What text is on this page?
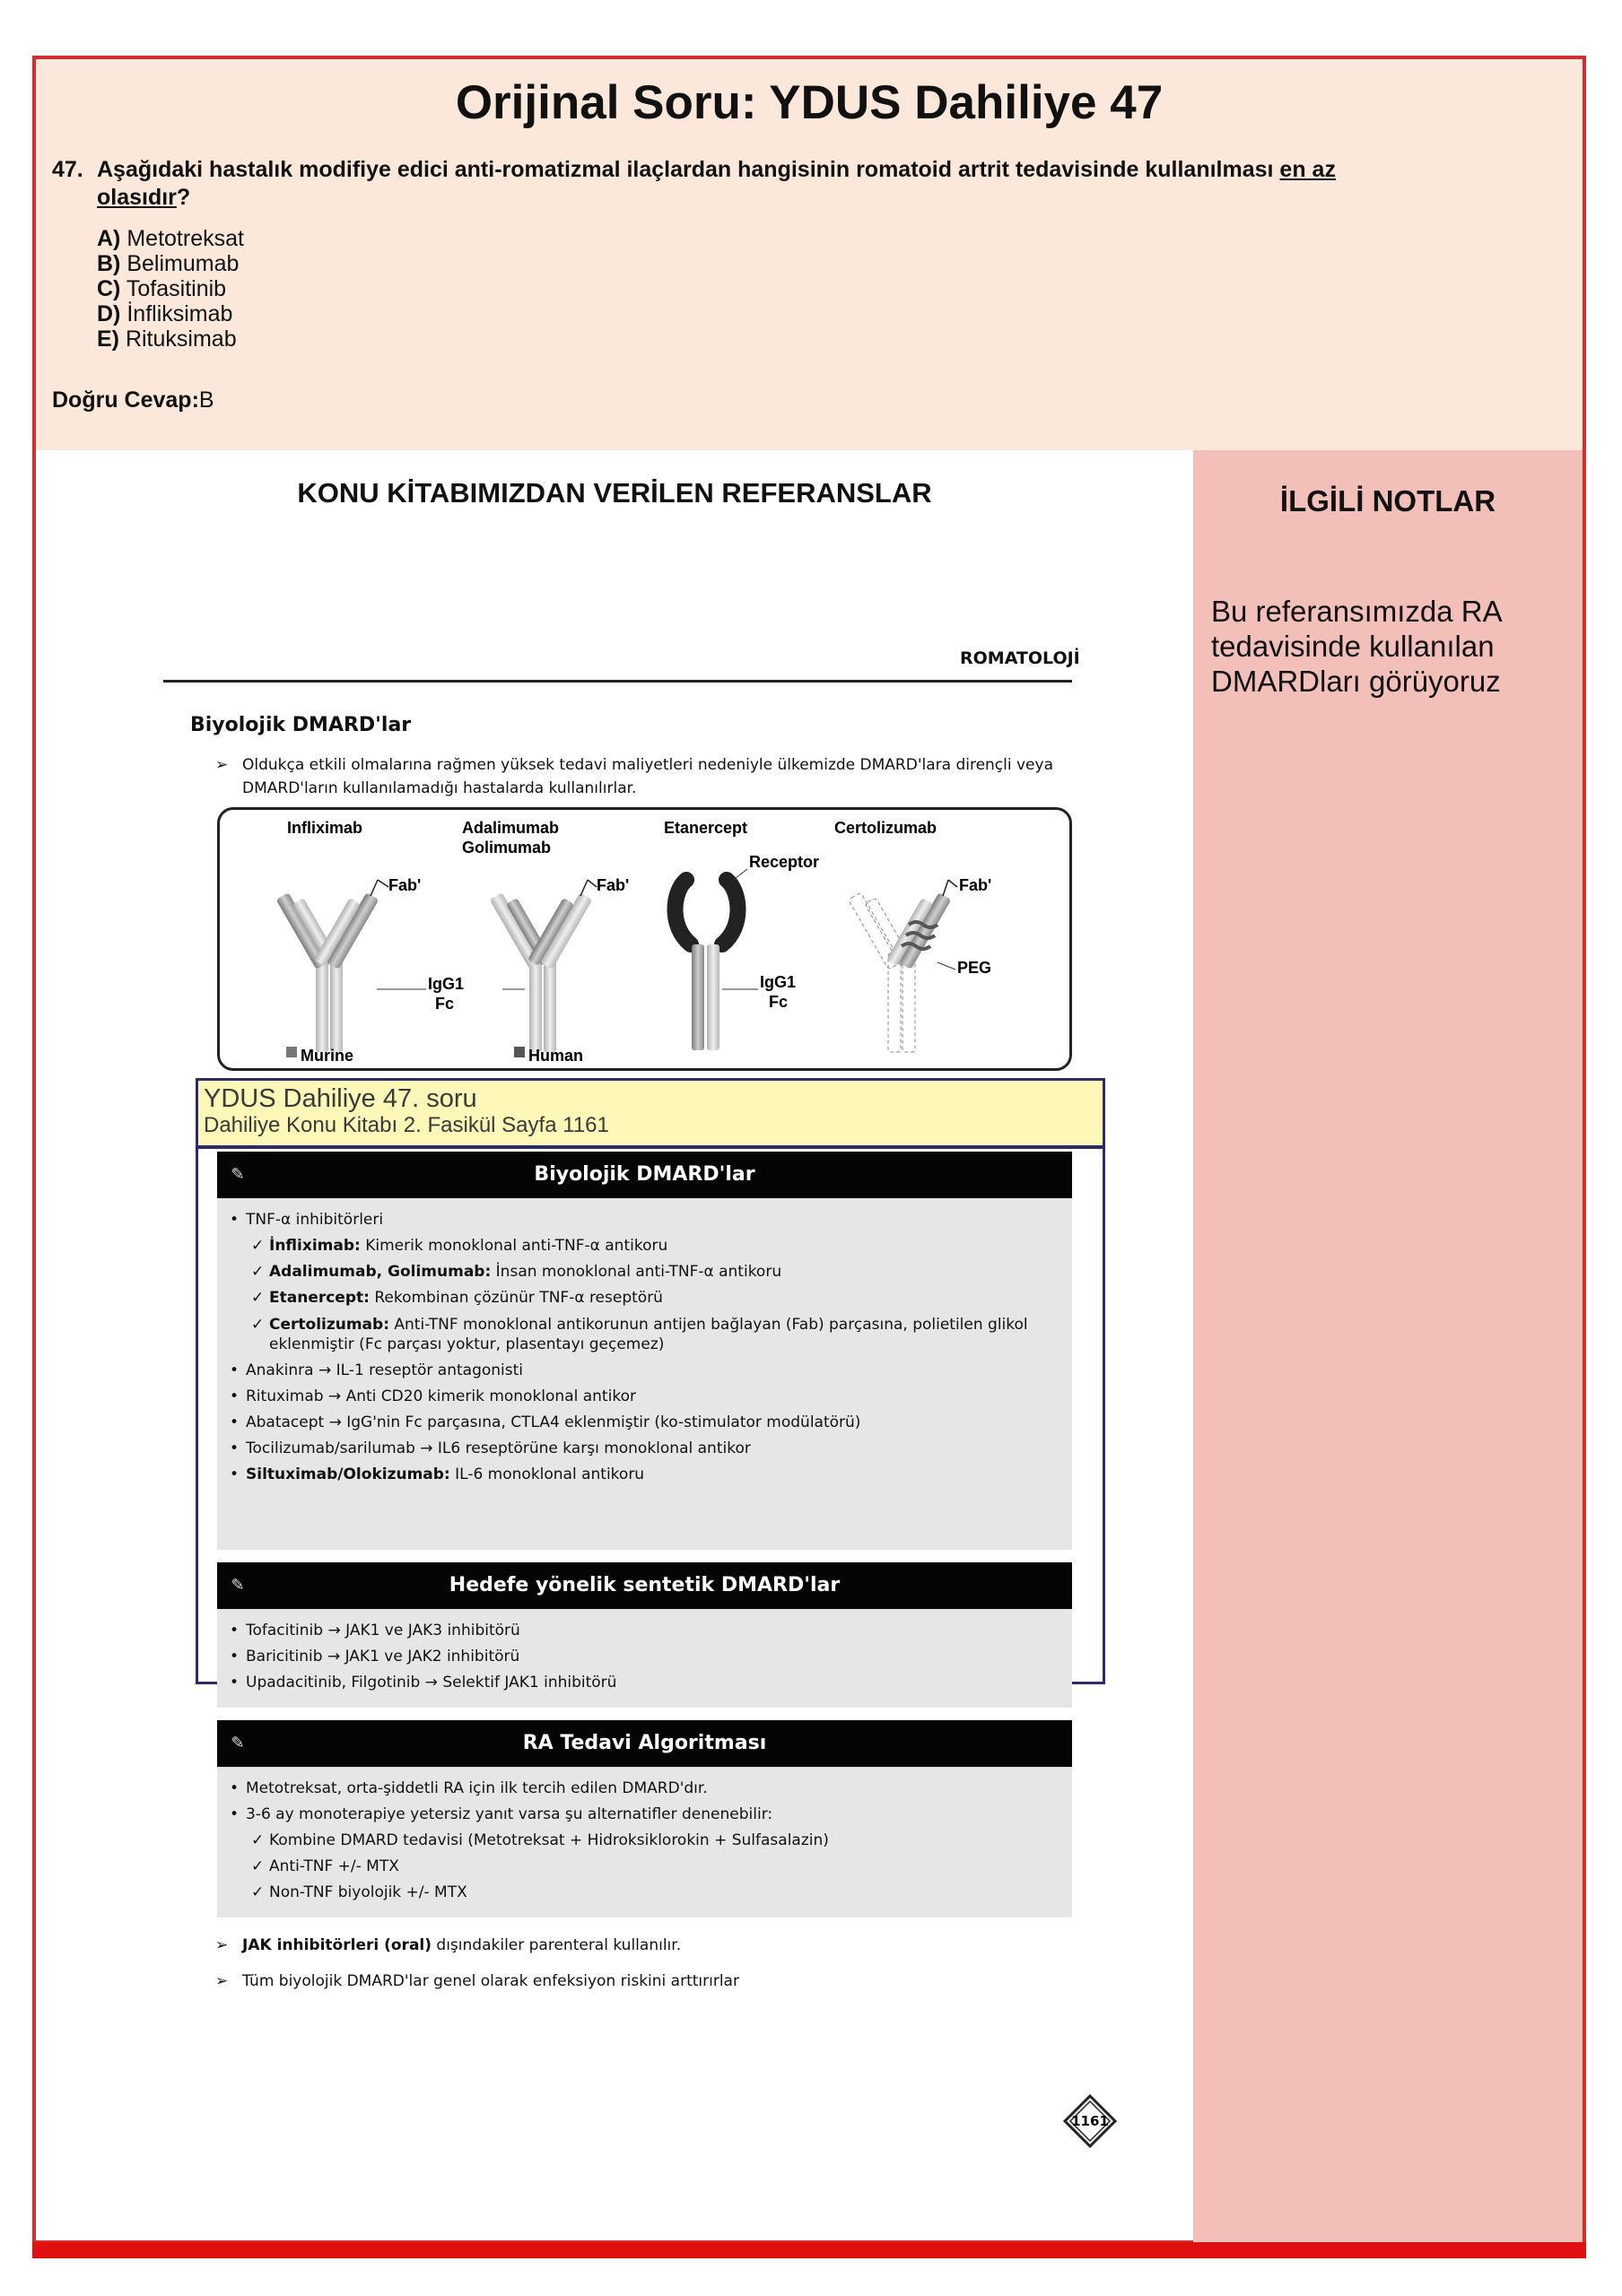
Orijinal Soru: YDUS Dahiliye 47
47. Aşağıdaki hastalık modifiye edici anti-romatizmal ilaçlardan hangisinin romatoid artrit tedavisinde kullanılması en az olasıdır?
A) Metotreksat
B) Belimumab
C) Tofasitinib
D) İnfliksimab
E) Rituksimab
Doğru Cevap:B
KONU KİTABIMIZDAN VERİLEN REFERANSLAR	İLGİLİ NOTLAR
Bu referansımızda RA tedavisinde kullanılan DMARDları görüyoruz
ROMATOLOJİ
Biyolojik DMARD'lar
➢ Oldukça etkili olmalarına rağmen yüksek tedavi maliyetleri nedeniyle ülkemizde DMARD'lara dirençli veya DMARD'ların kullanılamadığı hastalarda kullanılırlar.
Infliximab	Adalimumab
Golimumab
Etanercept	Certolizumab
Fab'
IgG1
Fc
Fab'
Receptor
IgG1
Fc
Fab'
PEG
Murine	Human
YDUS Dahiliye 47. soru
Dahiliye Konu Kitabı 2. Fasikül Sayfa 1161
✎	Biyolojik DMARD'lar
• TNF-α inhibitörleri
✓ İnfliximab: Kimerik monoklonal anti-TNF-α antikoru
✓ Adalimumab, Golimumab: İnsan monoklonal anti-TNF-α antikoru
✓ Etanercept: Rekombinan çözünür TNF-α reseptörü
✓ Certolizumab: Anti-TNF monoklonal antikorunun antijen bağlayan (Fab) parçasına, polietilen glikol eklenmiştir (Fc parçası yoktur, plasentayı geçemez)
• Anakinra → IL-1 reseptör antagonisti
• Rituximab → Anti CD20 kimerik monoklonal antikor
• Abatacept → IgG'nin Fc parçasına, CTLA4 eklenmiştir (ko-stimulator modülatörü)
• Tocilizumab/sarilumab → IL6 reseptörüne karşı monoklonal antikor
• Siltuximab/Olokizumab: IL-6 monoklonal antikoru
✎	Hedefe yönelik sentetik DMARD'lar
• Tofacitinib → JAK1 ve JAK3 inhibitörü
• Baricitinib → JAK1 ve JAK2 inhibitörü
• Upadacitinib, Filgotinib → Selektif JAK1 inhibitörü
✎	RA Tedavi Algoritması
• Metotreksat, orta-şiddetli RA için ilk tercih edilen DMARD'dır.
• 3-6 ay monoterapiye yetersiz yanıt varsa şu alternatifler denenebilir:
✓ Kombine DMARD tedavisi (Metotreksat + Hidroksiklorokin + Sulfasalazin)
✓ Anti-TNF +/- MTX
✓ Non-TNF biyolojik +/- MTX
➢ JAK inhibitörleri (oral) dışındakiler parenteral kullanılır.
➢ Tüm biyolojik DMARD'lar genel olarak enfeksiyon riskini arttırırlar
1161
